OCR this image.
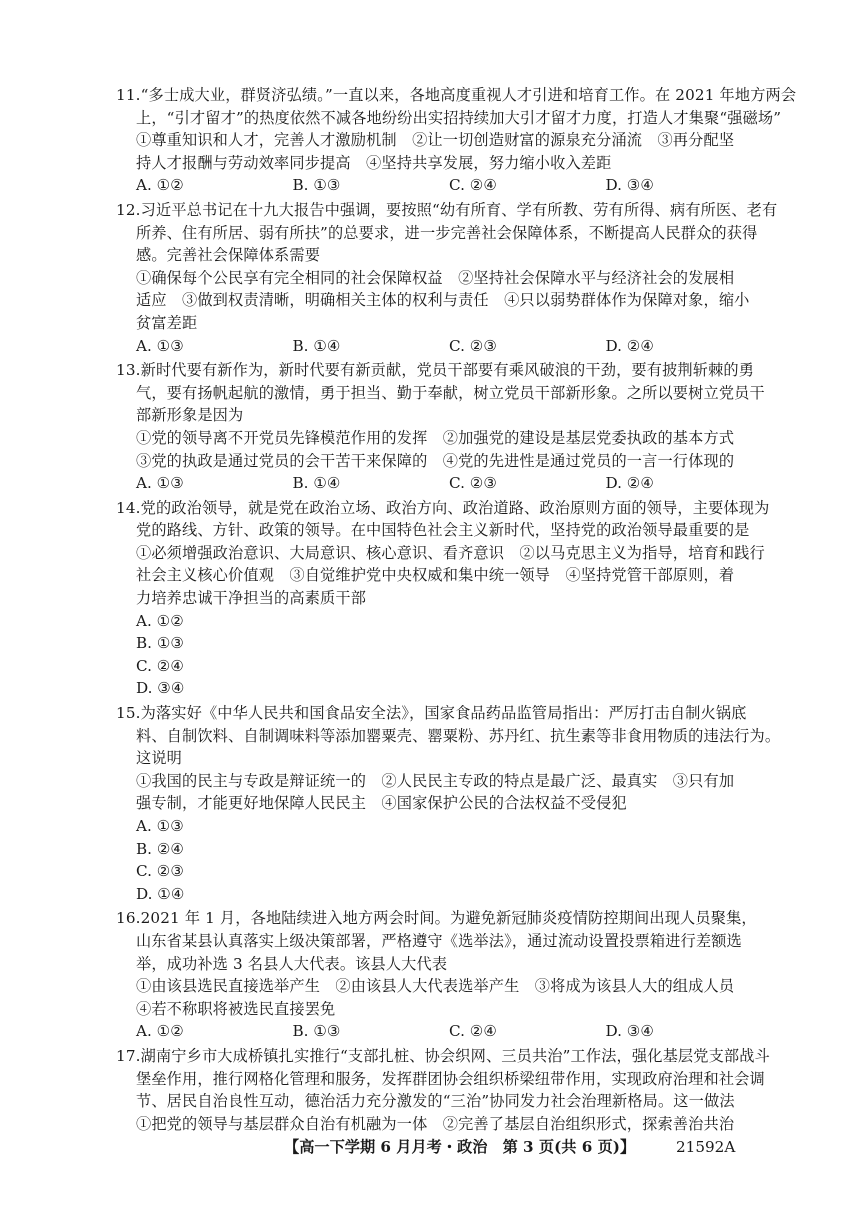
11.“多士成大业，群贤济弘绩。”一直以来，各地高度重视人才引进和培育工作。在 2021 年地方两会
上，“引才留才”的热度依然不减各地纷纷出实招持续加大引才留才力度，打造人才集聚“强磁场”
①尊重知识和人才，完善人才激励机制　②让一切创造财富的源泉充分涌流　③再分配坚
持人才报酬与劳动效率同步提高　④坚持共享发展，努力缩小收入差距
A. ①②	B. ①③	C. ②④	D. ③④
12.习近平总书记在十九大报告中强调，要按照“幼有所育、学有所教、劳有所得、病有所医、老有
所养、住有所居、弱有所扶”的总要求，进一步完善社会保障体系，不断提高人民群众的获得
感。完善社会保障体系需要
①确保每个公民享有完全相同的社会保障权益　②坚持社会保障水平与经济社会的发展相
适应　③做到权责清晰，明确相关主体的权利与责任　④只以弱势群体作为保障对象，缩小
贫富差距
A. ①③	B. ①④	C. ②③	D. ②④
13.新时代要有新作为，新时代要有新贡献，党员干部要有乘风破浪的干劲，要有披荆斩棘的勇
气，要有扬帆起航的激情，勇于担当、勤于奉献，树立党员干部新形象。之所以要树立党员干
部新形象是因为
①党的领导离不开党员先锋模范作用的发挥　②加强党的建设是基层党委执政的基本方式
③党的执政是通过党员的会干苦干来保障的　④党的先进性是通过党员的一言一行体现的
A. ①③	B. ①④	C. ②③	D. ②④
14.党的政治领导，就是党在政治立场、政治方向、政治道路、政治原则方面的领导，主要体现为
党的路线、方针、政策的领导。在中国特色社会主义新时代，坚持党的政治领导最重要的是
①必须增强政治意识、大局意识、核心意识、看齐意识　②以马克思主义为指导，培育和践行
社会主义核心价值观　③自觉维护党中央权威和集中统一领导　④坚持党管干部原则，着
力培养忠诚干净担当的高素质干部
A. ①②
B. ①③
C. ②④
D. ③④
15.为落实好《中华人民共和国食品安全法》，国家食品药品监管局指出：严厉打击自制火锅底
料、自制饮料、自制调味料等添加罂粟壳、罂粟粉、苏丹红、抗生素等非食用物质的违法行为。
这说明
①我国的民主与专政是辩证统一的　②人民民主专政的特点是最广泛、最真实　③只有加
强专制，才能更好地保障人民民主　④国家保护公民的合法权益不受侵犯
A. ①③
B. ②④
C. ②③
D. ①④
16.2021 年 1 月，各地陆续进入地方两会时间。为避免新冠肺炎疫情防控期间出现人员聚集，
山东省某县认真落实上级决策部署，严格遵守《选举法》，通过流动设置投票箱进行差额选
举，成功补选 3 名县人大代表。该县人大代表
①由该县选民直接选举产生　②由该县人大代表选举产生　③将成为该县人大的组成人员
④若不称职将被选民直接罢免
A. ①②	B. ①③	C. ②④	D. ③④
17.湖南宁乡市大成桥镇扎实推行“支部扎桩、协会织网、三员共治”工作法，强化基层党支部战斗
堡垒作用，推行网格化管理和服务，发挥群团协会组织桥梁纽带作用，实现政府治理和社会调
节、居民自治良性互动，德治活力充分激发的“三治”协同发力社会治理新格局。这一做法
①把党的领导与基层群众自治有机融为一体　②完善了基层自治组织形式，探索善治共治
【高一下学期 6 月月考・政治　第 3 页(共 6 页)】	21592A
